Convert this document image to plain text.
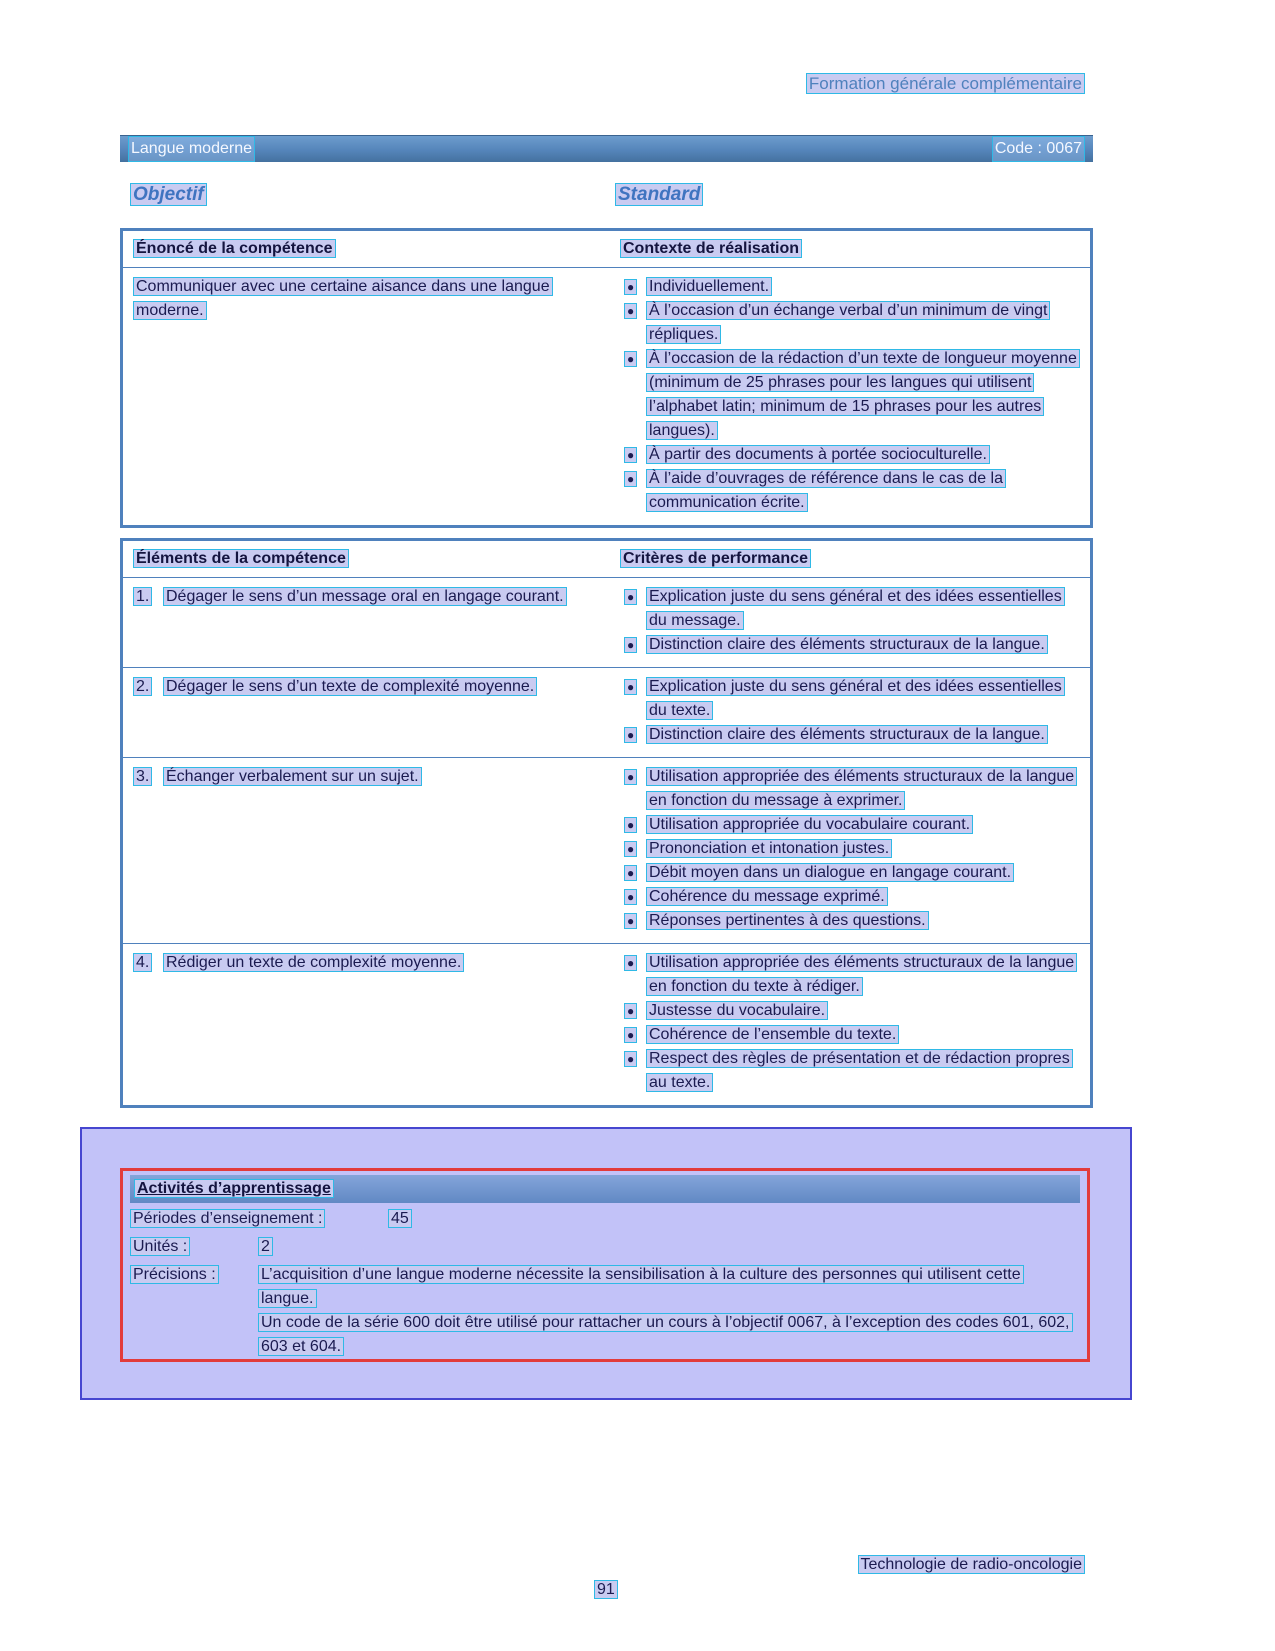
Formation générale complémentaire
Langue moderne	Code : 0067
Objectif	Standard
Énoncé de la compétence	Contexte de réalisation
Communiquer avec une certaine aisance dans une langue moderne.
● Individuellement.
● À l’occasion d’un échange verbal d’un minimum de vingt répliques.
● À l’occasion de la rédaction d’un texte de longueur moyenne (minimum de 25 phrases pour les langues qui utilisent l’alphabet latin; minimum de 15 phrases pour les autres langues).
● À partir des documents à portée socioculturelle.
● À l’aide d’ouvrages de référence dans le cas de la communication écrite.
Éléments de la compétence	Critères de performance
1. Dégager le sens d’un message oral en langage courant.	● Explication juste du sens général et des idées essentielles du message.
● Distinction claire des éléments structuraux de la langue.
2. Dégager le sens d’un texte de complexité moyenne.	● Explication juste du sens général et des idées essentielles du texte.
● Distinction claire des éléments structuraux de la langue.
3. Échanger verbalement sur un sujet.	● Utilisation appropriée des éléments structuraux de la langue en fonction du message à exprimer.
● Utilisation appropriée du vocabulaire courant.
● Prononciation et intonation justes.
● Débit moyen dans un dialogue en langage courant.
● Cohérence du message exprimé.
● Réponses pertinentes à des questions.
4. Rédiger un texte de complexité moyenne.	● Utilisation appropriée des éléments structuraux de la langue en fonction du texte à rédiger.
● Justesse du vocabulaire.
● Cohérence de l’ensemble du texte.
● Respect des règles de présentation et de rédaction propres au texte.
Activités d’apprentissage
Périodes d’enseignement :	45
Unités :	2
Précisions :	L’acquisition d’une langue moderne nécessite la sensibilisation à la culture des personnes qui utilisent cette langue.

Un code de la série 600 doit être utilisé pour rattacher un cours à l’objectif 0067, à l’exception des codes 601, 602, 603 et 604.

Technologie de radio-oncologie
91
